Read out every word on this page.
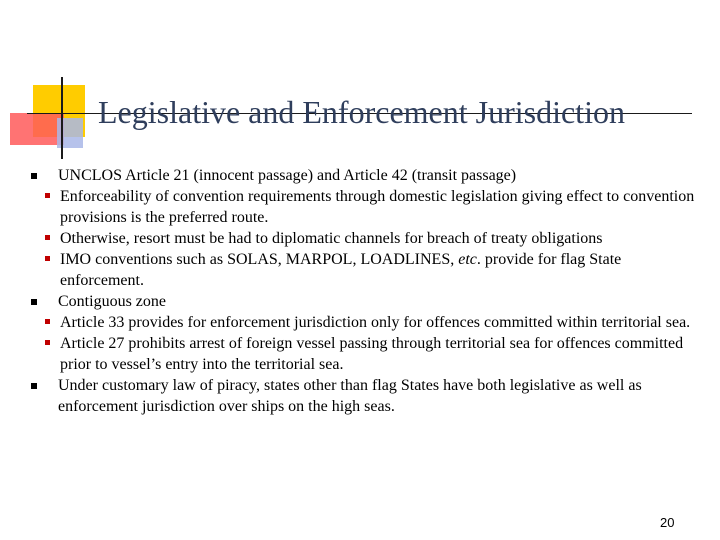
Legislative and Enforcement Jurisdiction
UNCLOS Article 21 (innocent passage) and Article 42 (transit passage)
Enforceability of convention requirements through domestic legislation giving effect to convention provisions is the preferred route.
Otherwise, resort must be had to diplomatic channels for breach of treaty obligations
IMO conventions such as SOLAS, MARPOL, LOADLINES, etc. provide for flag State enforcement.
Contiguous zone
Article 33 provides for enforcement jurisdiction only for offences committed within territorial sea.
Article 27 prohibits arrest of foreign vessel passing through territorial sea for offences committed prior to vessel’s entry into the territorial sea.
Under customary law of piracy, states other than flag States have both legislative as well as enforcement jurisdiction over ships on the high seas.
20
